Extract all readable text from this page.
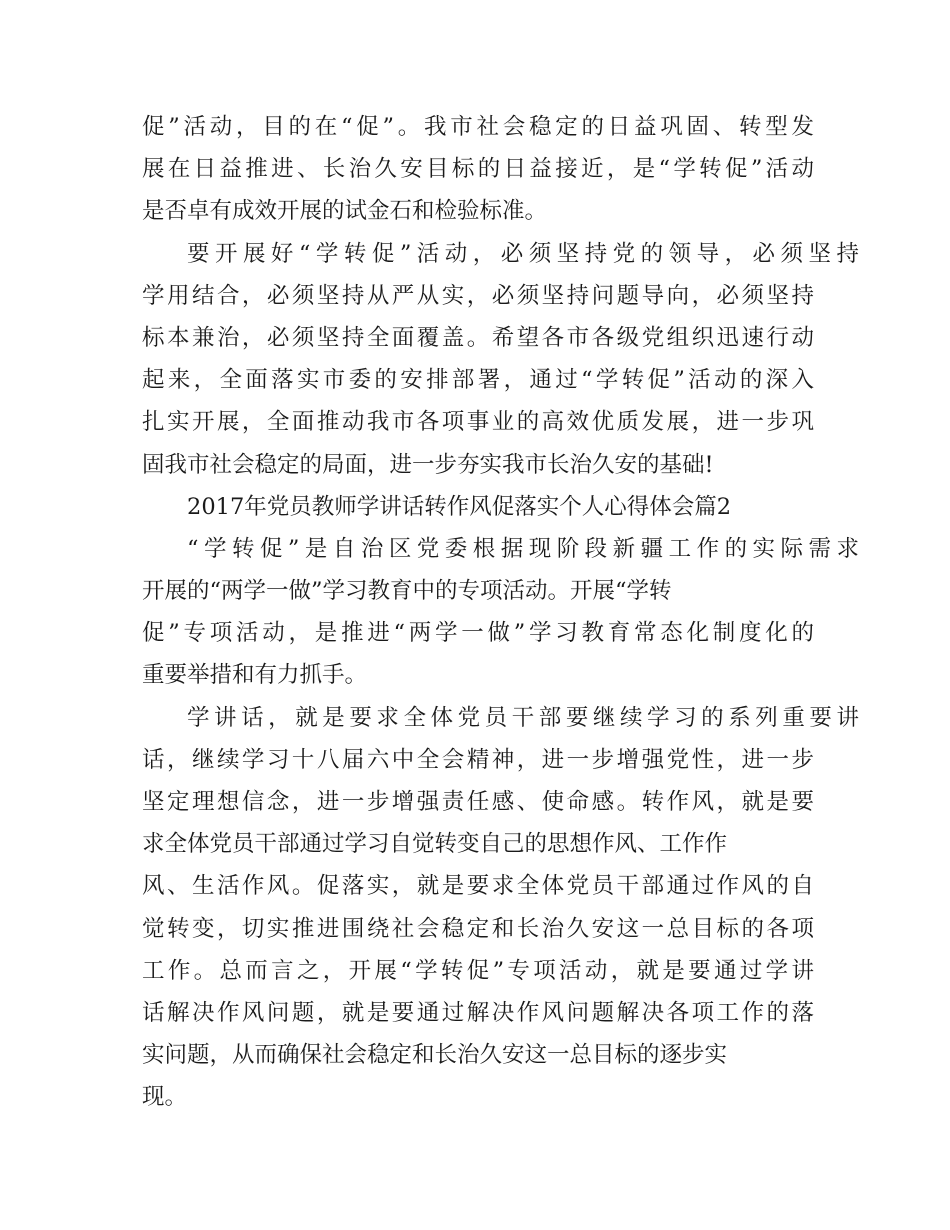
促”活动，目的在“促”。我市社会稳定的日益巩固、转型发
展在日益推进、长治久安目标的日益接近，是“学转促”活动
是否卓有成效开展的试金石和检验标准。
要开展好“学转促”活动，必须坚持党的领导，必须坚持
学用结合，必须坚持从严从实，必须坚持问题导向，必须坚持
标本兼治，必须坚持全面覆盖。希望各市各级党组织迅速行动
起来，全面落实市委的安排部署，通过“学转促”活动的深入
扎实开展，全面推动我市各项事业的高效优质发展，进一步巩
固我市社会稳定的局面，进一步夯实我市长治久安的基础!
2017年党员教师学讲话转作风促落实个人心得体会篇2
“学转促”是自治区党委根据现阶段新疆工作的实际需求
开展的“两学一做”学习教育中的专项活动。开展“学转
促”专项活动，是推进“两学一做”学习教育常态化制度化的
重要举措和有力抓手。
学讲话，就是要求全体党员干部要继续学习的系列重要讲
话，继续学习十八届六中全会精神，进一步增强党性，进一步
坚定理想信念，进一步增强责任感、使命感。转作风，就是要
求全体党员干部通过学习自觉转变自己的思想作风、工作作
风、生活作风。促落实，就是要求全体党员干部通过作风的自
觉转变，切实推进围绕社会稳定和长治久安这一总目标的各项
工作。总而言之，开展“学转促”专项活动，就是要通过学讲
话解决作风问题，就是要通过解决作风问题解决各项工作的落
实问题，从而确保社会稳定和长治久安这一总目标的逐步实
现。
